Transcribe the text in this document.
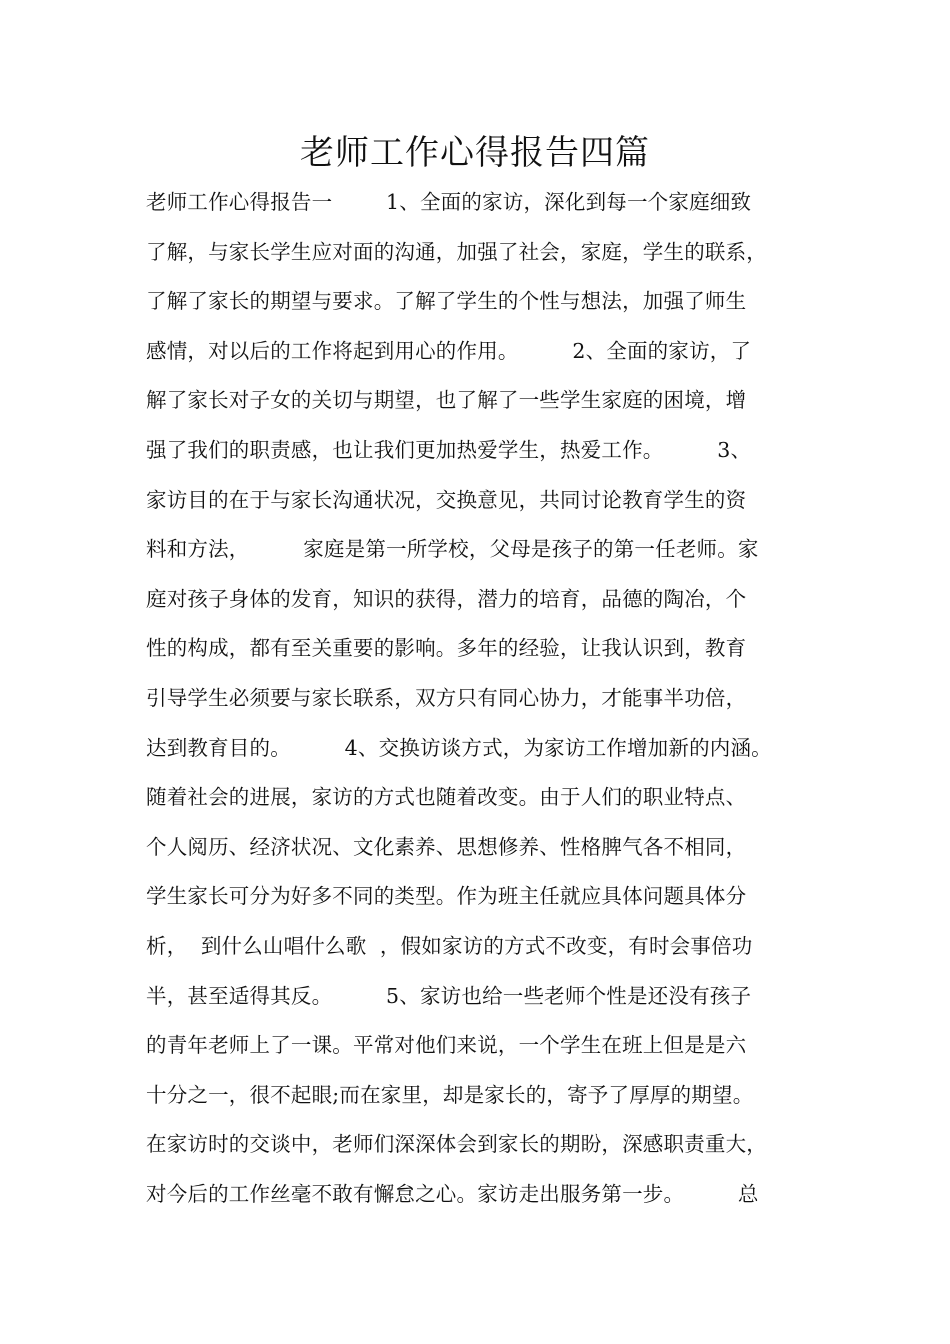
老师工作心得报告四篇
老师工作心得报告一        1、全面的家访，深化到每一个家庭细致
了解，与家长学生应对面的沟通，加强了社会，家庭，学生的联系，
了解了家长的期望与要求。了解了学生的个性与想法，加强了师生
感情，对以后的工作将起到用心的作用。        2、全面的家访，了
解了家长对子女的关切与期望，也了解了一些学生家庭的困境，增
强了我们的职责感，也让我们更加热爱学生，热爱工作。        3、
家访目的在于与家长沟通状况，交换意见，共同讨论教育学生的资
料和方法，        家庭是第一所学校，父母是孩子的第一任老师。家
庭对孩子身体的发育，知识的获得，潜力的培育，品德的陶冶，个
性的构成，都有至关重要的影响。多年的经验，让我认识到，教育
引导学生必须要与家长联系，双方只有同心协力，才能事半功倍，
达到教育目的。        4、交换访谈方式，为家访工作增加新的内涵。
随着社会的进展，家访的方式也随着改变。由于人们的职业特点、
个人阅历、经济状况、文化素养、思想修养、性格脾气各不相同，
学生家长可分为好多不同的类型。作为班主任就应具体问题具体分
析，  到什么山唱什么歌  ，假如家访的方式不改变，有时会事倍功
半，甚至适得其反。        5、家访也给一些老师个性是还没有孩子
的青年老师上了一课。平常对他们来说，一个学生在班上但是是六
十分之一，很不起眼;而在家里，却是家长的，寄予了厚厚的期望。
在家访时的交谈中，老师们深深体会到家长的期盼，深感职责重大，
对今后的工作丝毫不敢有懈怠之心。家访走出服务第一步。        总
